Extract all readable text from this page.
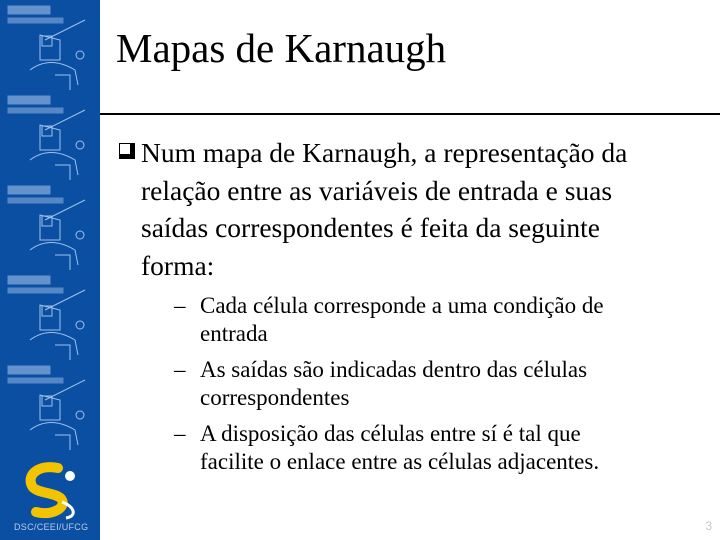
DSC/CEEI/UFCG
Mapas de Karnaugh
Num mapa de Karnaugh, a representação da
relação entre as variáveis de entrada e suas
saídas correspondentes é feita da seguinte
forma:
– Cada célula corresponde a uma condição de
entrada
– As saídas são indicadas dentro das células
correspondentes
– A disposição das células entre sí é tal que
facilite o enlace entre as células adjacentes.
3
